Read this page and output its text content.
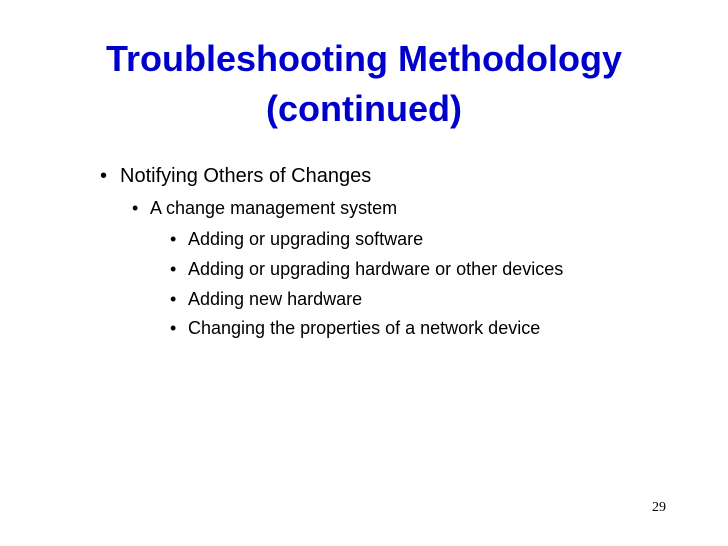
Troubleshooting Methodology
(continued)
• Notifying Others of Changes
• A change management system
• Adding or upgrading software
• Adding or upgrading hardware or other devices
• Adding new hardware
• Changing the properties of a network device
29
